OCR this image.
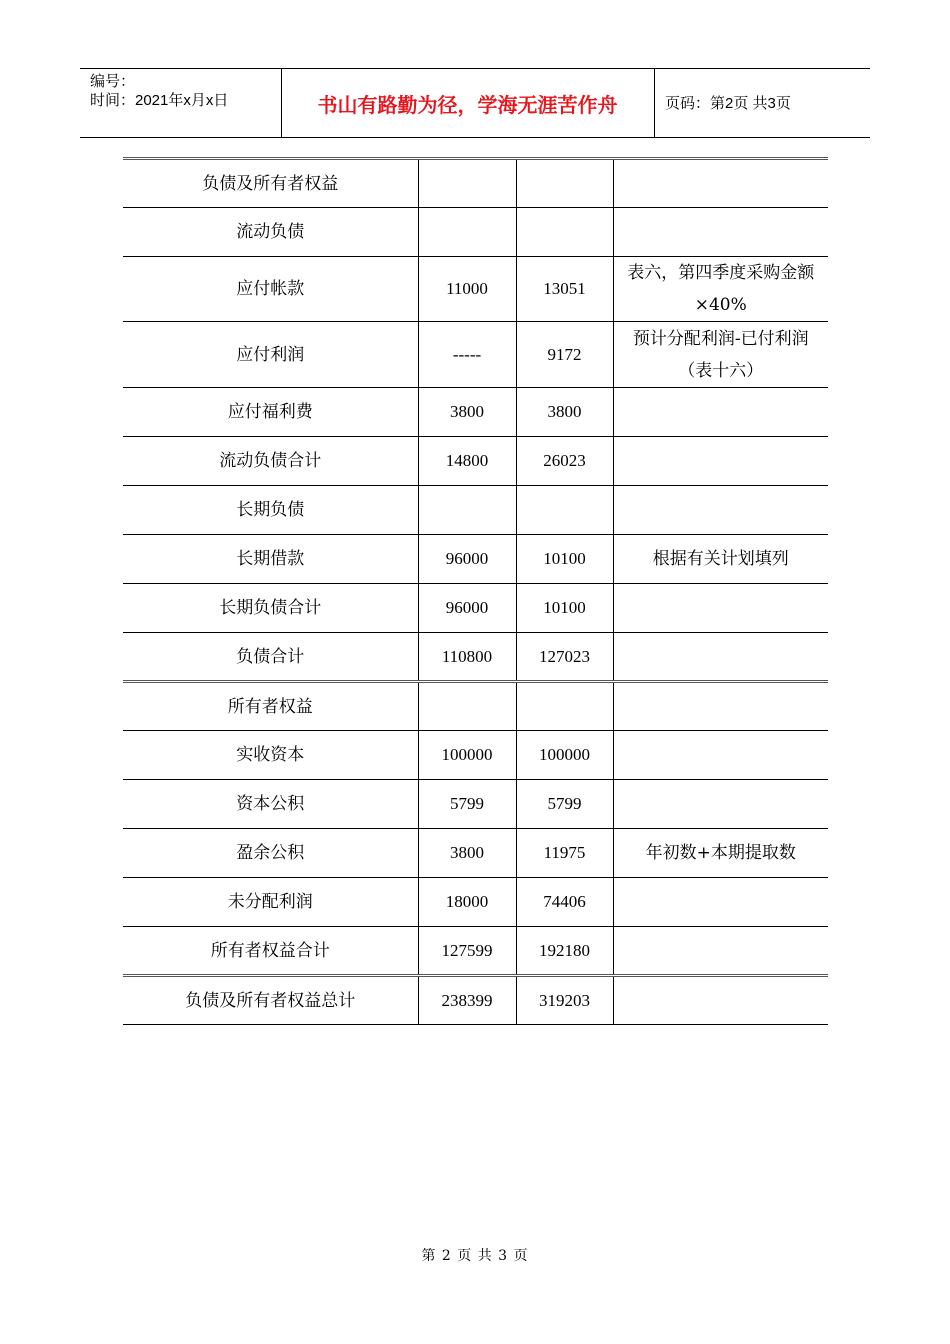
编号：
时间：2021年x月x日	书山有路勤为径，学海无涯苦作舟	页码：第2页 共3页
负债及所有者权益			
流动负债			
应付帐款	11000	13051	表六，第四季度采购金额×40%
应付利润	-----	9172	预计分配利润-已付利润（表十六）
应付福利费	3800	3800	
流动负债合计	14800	26023	
长期负债			
长期借款	96000	10100	根据有关计划填列
长期负债合计	96000	10100	
负债合计	110800	127023	
所有者权益			
实收资本	100000	100000	
资本公积	5799	5799	
盈余公积	3800	11975	年初数+本期提取数
未分配利润	18000	74406	
所有者权益合计	127599	192180	
负债及所有者权益总计	238399	319203	
第 2 页 共 3 页
